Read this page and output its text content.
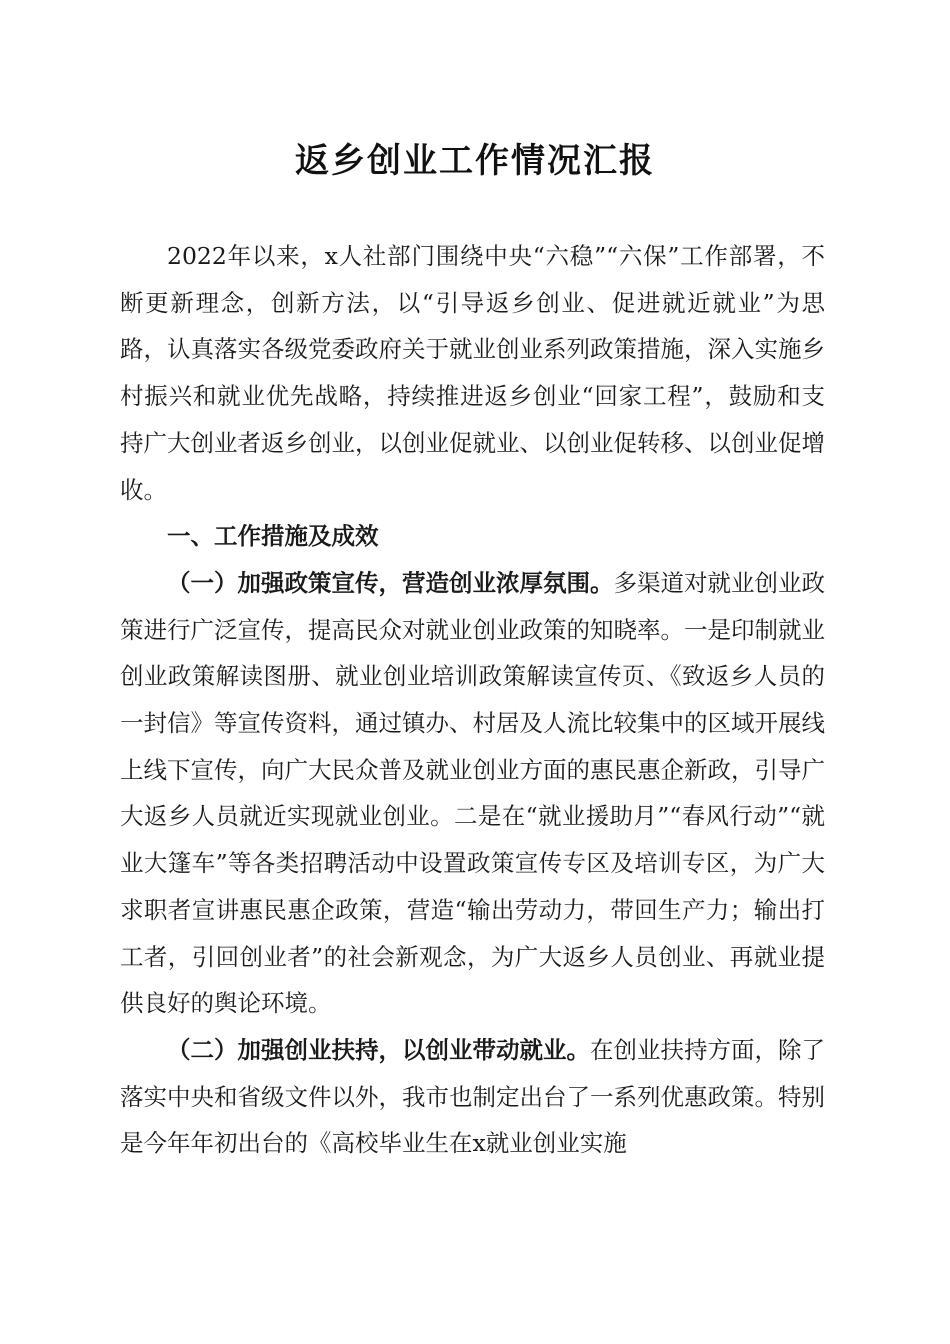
返乡创业工作情况汇报

2022年以来，x人社部门围绕中央“六稳”“六保”工作部署，不断更新理念，创新方法，以“引导返乡创业、促进就近就业”为思路，认真落实各级党委政府关于就业创业系列政策措施，深入实施乡村振兴和就业优先战略，持续推进返乡创业“回家工程”，鼓励和支持广大创业者返乡创业，以创业促就业、以创业促转移、以创业促增收。

一、工作措施及成效

（一）加强政策宣传，营造创业浓厚氛围。多渠道对就业创业政策进行广泛宣传，提高民众对就业创业政策的知晓率。一是印制就业创业政策解读图册、就业创业培训政策解读宣传页、《致返乡人员的一封信》等宣传资料，通过镇办、村居及人流比较集中的区域开展线上线下宣传，向广大民众普及就业创业方面的惠民惠企新政，引导广大返乡人员就近实现就业创业。二是在“就业援助月”“春风行动”“就业大篷车”等各类招聘活动中设置政策宣传专区及培训专区，为广大求职者宣讲惠民惠企政策，营造“输出劳动力，带回生产力；输出打工者，引回创业者”的社会新观念，为广大返乡人员创业、再就业提供良好的舆论环境。

（二）加强创业扶持，以创业带动就业。在创业扶持方面，除了落实中央和省级文件以外，我市也制定出台了一系列优惠政策。特别是今年年初出台的《高校毕业生在x就业创业实施
